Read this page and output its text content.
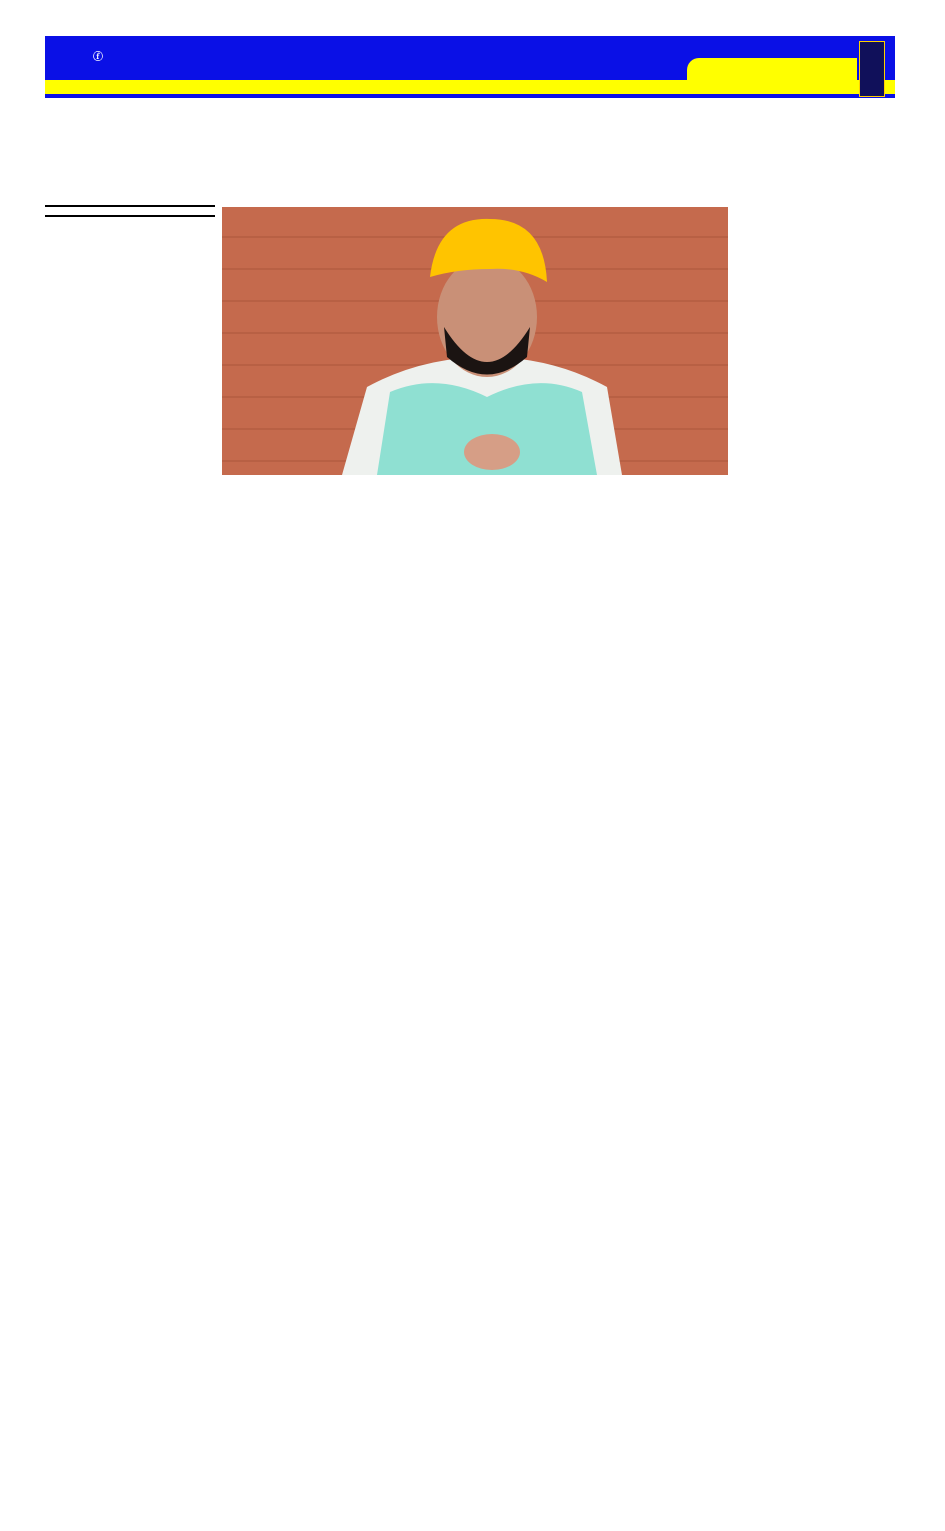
ⓕ
